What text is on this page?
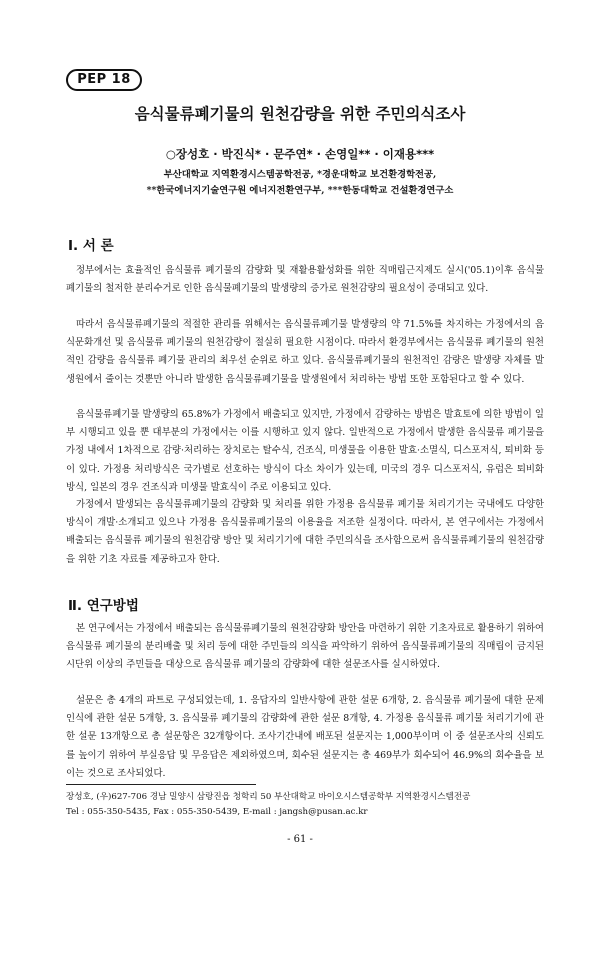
PEP 18
음식물류폐기물의 원천감량을 위한 주민의식조사
○장성호 · 박진식* · 문주연* · 손영일** · 이재용***
부산대학교 지역환경시스템공학전공, *경운대학교 보건환경학전공,
**한국에너지기술연구원 에너지전환연구부, ***한동대학교 건설환경연구소
Ⅰ. 서 론

정부에서는 효율적인 음식물류 폐기물의 감량화 및 재활용활성화를 위한 직매립근지제도 실시('05.1)이후 음식물폐기물의 철저한 분리수거로 인한 음식물폐기물의 발생량의 증가로 원천감량의 필요성이 증대되고 있다.

따라서 음식물류폐기물의 적절한 관리를 위해서는 음식물류폐기물 발생량의 약 71.5%를 차지하는 가정에서의 음식문화개선 및 음식물류 폐기물의 원천감량이 절실히 필요한 시점이다. 따라서 환경부에서는 음식물류 폐기물의 원천적인 감량을 음식물류 폐기물 관리의 최우선 순위로 하고 있다. 음식물류폐기물의 원천적인 감량은 발생량 자체를 발생원에서 줄이는 것뿐만 아니라 발생한 음식물류폐기물을 발생원에서 처리하는 방법 또한 포함된다고 할 수 있다.

음식물류폐기물 발생량의 65.8%가 가정에서 배출되고 있지만, 가정에서 감량하는 방법은 발효토에 의한 방법이 일부 시행되고 있을 뿐 대부분의 가정에서는 이를 시행하고 있지 않다. 일반적으로 가정에서 발생한 음식물류 폐기물을 가정 내에서 1차적으로 감량·처리하는 장치로는 탈수식, 건조식, 미생물을 이용한 발효·소멸식, 디스포저식, 퇴비화 등이 있다. 가정용 처리방식은 국가별로 선호하는 방식이 다소 차이가 있는데, 미국의 경우 디스포저식, 유럽은 퇴비화 방식, 일본의 경우 건조식과 미생물 발효식이 주로 이용되고 있다.

가정에서 발생되는 음식물류폐기물의 감량화 및 처리를 위한 가정용 음식물류 폐기물 처리기기는 국내에도 다양한 방식이 개발·소개되고 있으나 가정용 음식물류폐기물의 이용율을 저조한 실정이다. 따라서, 본 연구에서는 가정에서 배출되는 음식물류 폐기물의 원천감량 방안 및 처리기기에 대한 주민의식을 조사함으로써 음식물류폐기물의 원천감량을 위한 기초 자료를 제공하고자 한다.

Ⅱ. 연구방법

본 연구에서는 가정에서 배출되는 음식물류폐기물의 원천감량화 방안을 마련하기 위한 기초자료로 활용하기 위하여 음식물류 폐기물의 분리배출 및 처리 등에 대한 주민들의 의식을 파악하기 위하여 음식물류폐기물의 직매립이 금지된 시단위 이상의 주민들을 대상으로 음식물류 폐기물의 감량화에 대한 설문조사를 실시하였다.

설문은 총 4개의 파트로 구성되었는데, 1. 응답자의 일반사항에 관한 설문 6개항, 2. 음식물류 폐기물에 대한 문제인식에 관한 설문 5개항, 3. 음식물류 폐기물의 감량화에 관한 설문 8개항, 4. 가정용 음식물류 폐기물 처리기기에 관한 설문 13개항으로 총 설문항은 32개항이다. 조사기간내에 배포된 설문지는 1,000부이며 이 중 설문조사의 신뢰도를 높이기 위하여 부실응답 및 무응답은 제외하였으며, 회수된 설문지는 총 469부가 회수되어 46.9%의 회수율을 보이는 것으로 조사되었다.

장성호, (우)627-706 경남 밀양시 삼랑진읍 청학리 50 부산대학교 바이오시스템공학부 지역환경시스템전공
Tel : 055-350-5435, Fax : 055-350-5439, E-mail : jangsh@pusan.ac.kr
- 61 -
